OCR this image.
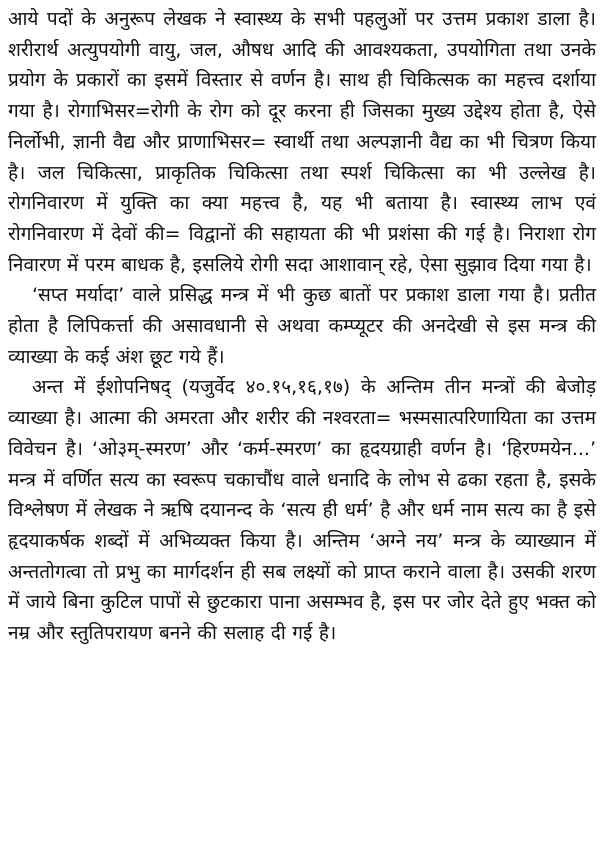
आये पदों के अनुरूप लेखक ने स्वास्थ्य के सभी पहलुओं पर उत्तम प्रकाश डाला है। शरीरार्थ अत्युपयोगी वायु, जल, औषध आदि की आवश्यकता, उपयोगिता तथा उनके प्रयोग के प्रकारों का इसमें विस्तार से वर्णन है। साथ ही चिकित्सक का महत्त्व दर्शाया गया है। रोगाभिसर=रोगी के रोग को दूर करना ही जिसका मुख्य उद्देश्य होता है, ऐसे निर्लोभी, ज्ञानी वैद्य और प्राणाभिसर= स्वार्थी तथा अल्पज्ञानी वैद्य का भी चित्रण किया है। जल चिकित्सा, प्राकृतिक चिकित्सा तथा स्पर्श चिकित्सा का भी उल्लेख है। रोगनिवारण में युक्ति का क्या महत्त्व है, यह भी बताया है। स्वास्थ्य लाभ एवं रोगनिवारण में देवों की= विद्वानों की सहायता की भी प्रशंसा की गई है। निराशा रोग निवारण में परम बाधक है, इसलिये रोगी सदा आशावान् रहे, ऐसा सुझाव दिया गया है।

‘सप्त मर्यादा’ वाले प्रसिद्ध मन्त्र में भी कुछ बातों पर प्रकाश डाला गया है। प्रतीत होता है लिपिकर्त्ता की असावधानी से अथवा कम्प्यूटर की अनदेखी से इस मन्त्र की व्याख्या के कई अंश छूट गये हैं।

अन्त में ईशोपनिषद् (यजुर्वेद ४०.१५,१६,१७) के अन्तिम तीन मन्त्रों की बेजोड़ व्याख्या है। आत्मा की अमरता और शरीर की नश्वरता= भस्मसात्परिणायिता का उत्तम विवेचन है। ‘ओ३म्-स्मरण’ और ‘कर्म-स्मरण’ का हृदयग्राही वर्णन है। ‘हिरण्मयेन...’ मन्त्र में वर्णित सत्य का स्वरूप चकाचौंध वाले धनादि के लोभ से ढका रहता है, इसके विश्लेषण में लेखक ने ऋषि दयानन्द के ‘सत्य ही धर्म’ है और धर्म नाम सत्य का है इसे हृदयाकर्षक शब्दों में अभिव्यक्त किया है। अन्तिम ‘अग्ने नय’ मन्त्र के व्याख्यान में अन्ततोगत्वा तो प्रभु का मार्गदर्शन ही सब लक्ष्यों को प्राप्त कराने वाला है। उसकी शरण में जाये बिना कुटिल पापों से छुटकारा पाना असम्भव है, इस पर जोर देते हुए भक्त को नम्र और स्तुतिपरायण बनने की सलाह दी गई है।
